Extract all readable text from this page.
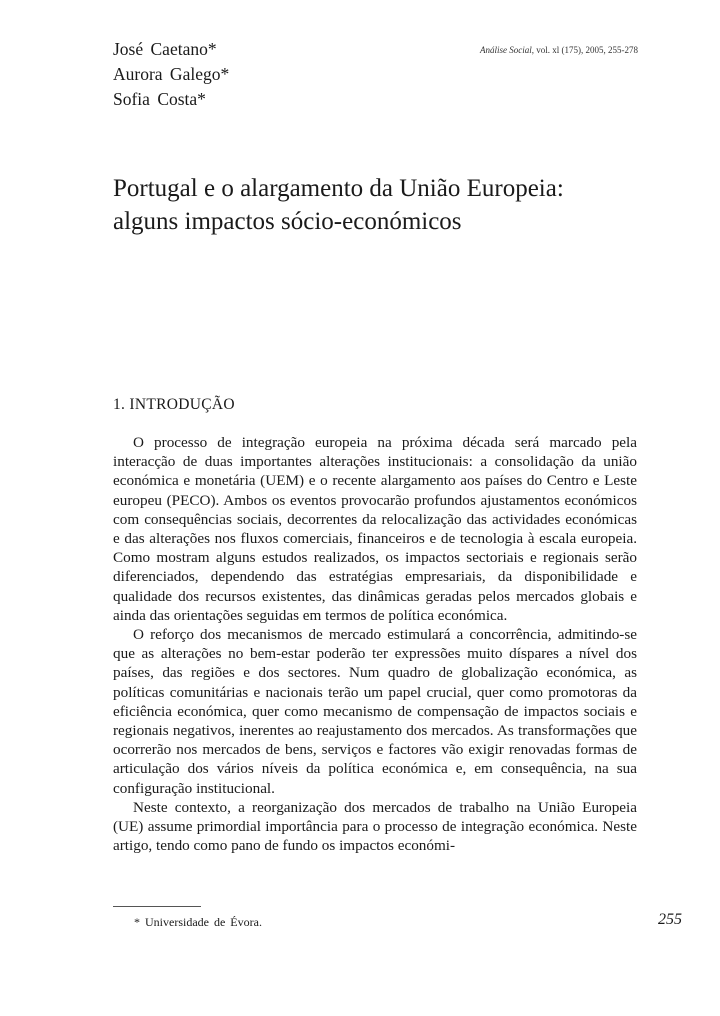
José Caetano*
Aurora Galego*
Sofia Costa*
Análise Social, vol. xl (175), 2005, 255-278
Portugal e o alargamento da União Europeia:
alguns impactos sócio-económicos
1. INTRODUÇÃO

O processo de integração europeia na próxima década será marcado pela interacção de duas importantes alterações institucionais: a consolidação da união económica e monetária (UEM) e o recente alargamento aos países do Centro e Leste europeu (PECO). Ambos os eventos provocarão profundos ajustamentos económicos com consequências sociais, decorrentes da relocalização das actividades económicas e das alterações nos fluxos comerciais, financeiros e de tecnologia à escala europeia. Como mostram alguns estudos realizados, os impactos sectoriais e regionais serão diferenciados, dependendo das estratégias empresariais, da disponibilidade e qualidade dos recursos existentes, das dinâmicas geradas pelos mercados globais e ainda das orientações seguidas em termos de política económica.

O reforço dos mecanismos de mercado estimulará a concorrência, admitindo-se que as alterações no bem-estar poderão ter expressões muito díspares a nível dos países, das regiões e dos sectores. Num quadro de globalização económica, as políticas comunitárias e nacionais terão um papel crucial, quer como promotoras da eficiência económica, quer como mecanismo de compensação de impactos sociais e regionais negativos, inerentes ao reajustamento dos mercados. As transformações que ocorrerão nos mercados de bens, serviços e factores vão exigir renovadas formas de articulação dos vários níveis da política económica e, em consequência, na sua configuração institucional.

Neste contexto, a reorganização dos mercados de trabalho na União Europeia (UE) assume primordial importância para o processo de integração económica. Neste artigo, tendo como pano de fundo os impactos económi-

* Universidade de Évora.	255
